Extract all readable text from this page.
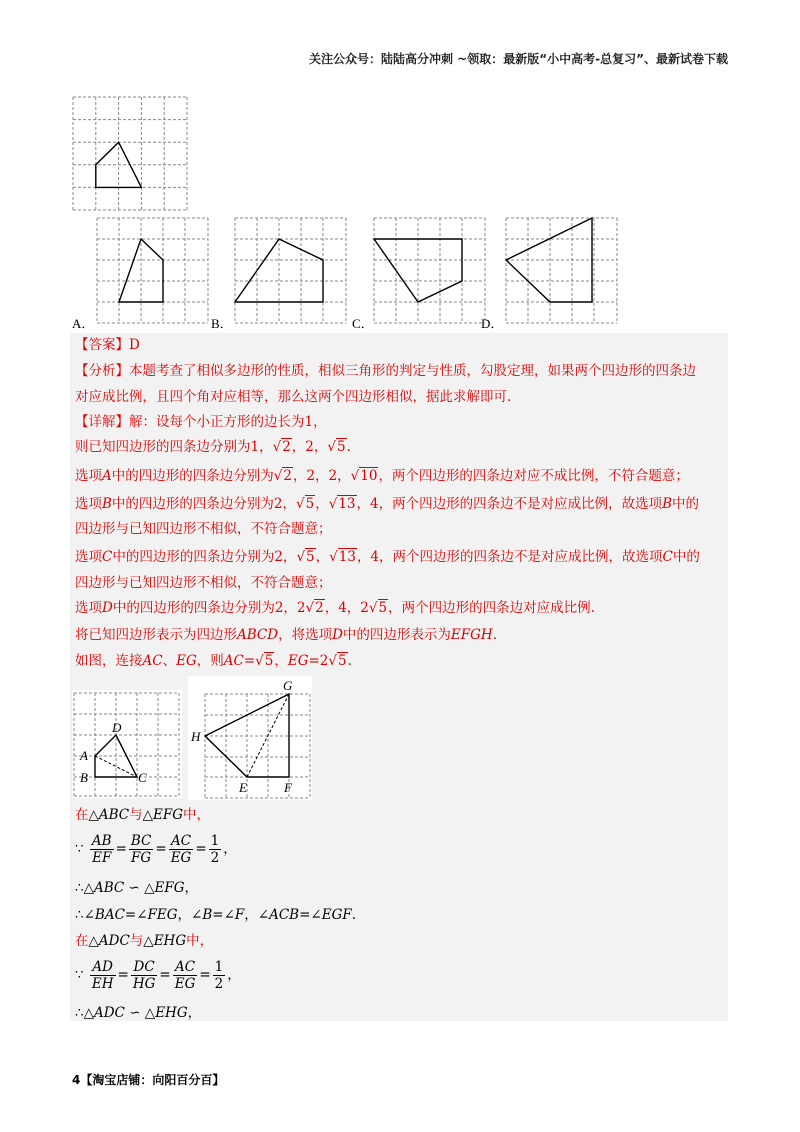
关注公众号：陆陆高分冲刺 ~领取：最新版“小中高考-总复习”、最新试卷下载
A．	B．	C．	D．
【答案】D
【分析】本题考查了相似多边形的性质，相似三角形的判定与性质，勾股定理，如果两个四边形的四条边
对应成比例，且四个角对应相等，那么这两个四边形相似，据此求解即可.
【详解】解：设每个小正方形的边长为1，
则已知四边形的四条边分别为1，√2，2，√5.
选项A中的四边形的四条边分别为√2，2，2，√10，两个四边形的四条边对应不成比例，不符合题意；
选项B中的四边形的四条边分别为2，√5，√13，4，两个四边形的四条边不是对应成比例，故选项B中的
四边形与已知四边形不相似，不符合题意；
选项C中的四边形的四条边分别为2，√5，√13，4，两个四边形的四条边不是对应成比例，故选项C中的
四边形与已知四边形不相似，不符合题意；
选项D中的四边形的四条边分别为2，2√2，4，2√5，两个四边形的四条边对应成比例.
将已知四边形表示为四边形ABCD，将选项D中的四边形表示为EFGH.
如图，连接AC、EG，则AC=√5，EG=2√5.
D
A
B	C
G
H
E	F
在△ABC与△EFG中，
∵ $\frac{AB}{EF} = \frac{BC}{FG} = \frac{AC}{EG} = \frac{1}{2}$ ，
∴△ABC ∽ △EFG，
∴∠BAC=∠FEG，∠B=∠F，∠ACB=∠EGF.
在△ADC与△EHG中，
∵ $\frac{AD}{EH} = \frac{DC}{HG} = \frac{AC}{EG} = \frac{1}{2}$ ，
∴△ADC ∽ △EHG，
4【淘宝店铺：向阳百分百】
